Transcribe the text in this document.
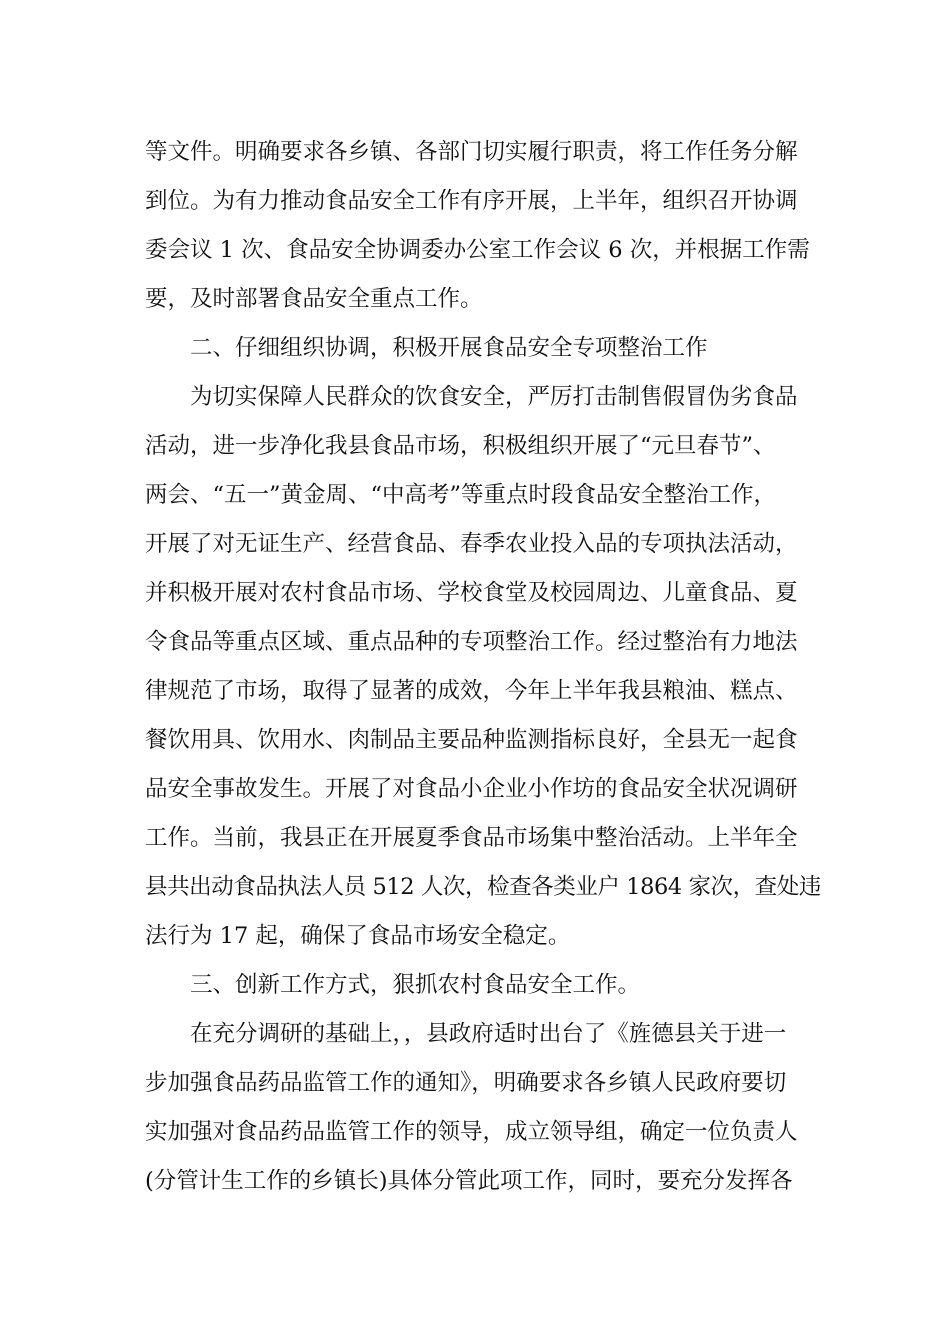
等文件。明确要求各乡镇、各部门切实履行职责，将工作任务分解
到位。为有力推动食品安全工作有序开展，上半年，组织召开协调
委会议 1 次、食品安全协调委办公室工作会议 6 次，并根据工作需
要，及时部署食品安全重点工作。
二、仔细组织协调，积极开展食品安全专项整治工作
为切实保障人民群众的饮食安全，严厉打击制售假冒伪劣食品
活动，进一步净化我县食品市场，积极组织开展了“元旦春节”、
两会、“五一”黄金周、“中高考”等重点时段食品安全整治工作，
开展了对无证生产、经营食品、春季农业投入品的专项执法活动，
并积极开展对农村食品市场、学校食堂及校园周边、儿童食品、夏
令食品等重点区域、重点品种的专项整治工作。经过整治有力地法
律规范了市场，取得了显著的成效，今年上半年我县粮油、糕点、
餐饮用具、饮用水、肉制品主要品种监测指标良好，全县无一起食
品安全事故发生。开展了对食品小企业小作坊的食品安全状况调研
工作。当前，我县正在开展夏季食品市场集中整治活动。上半年全
县共出动食品执法人员 512 人次，检查各类业户 1864 家次，查处违
法行为 17 起，确保了食品市场安全稳定。
三、创新工作方式，狠抓农村食品安全工作。
在充分调研的基础上，，县政府适时出台了《旌德县关于进一
步加强食品药品监管工作的通知》，明确要求各乡镇人民政府要切
实加强对食品药品监管工作的领导，成立领导组，确定一位负责人
(分管计生工作的乡镇长)具体分管此项工作，同时，要充分发挥各
